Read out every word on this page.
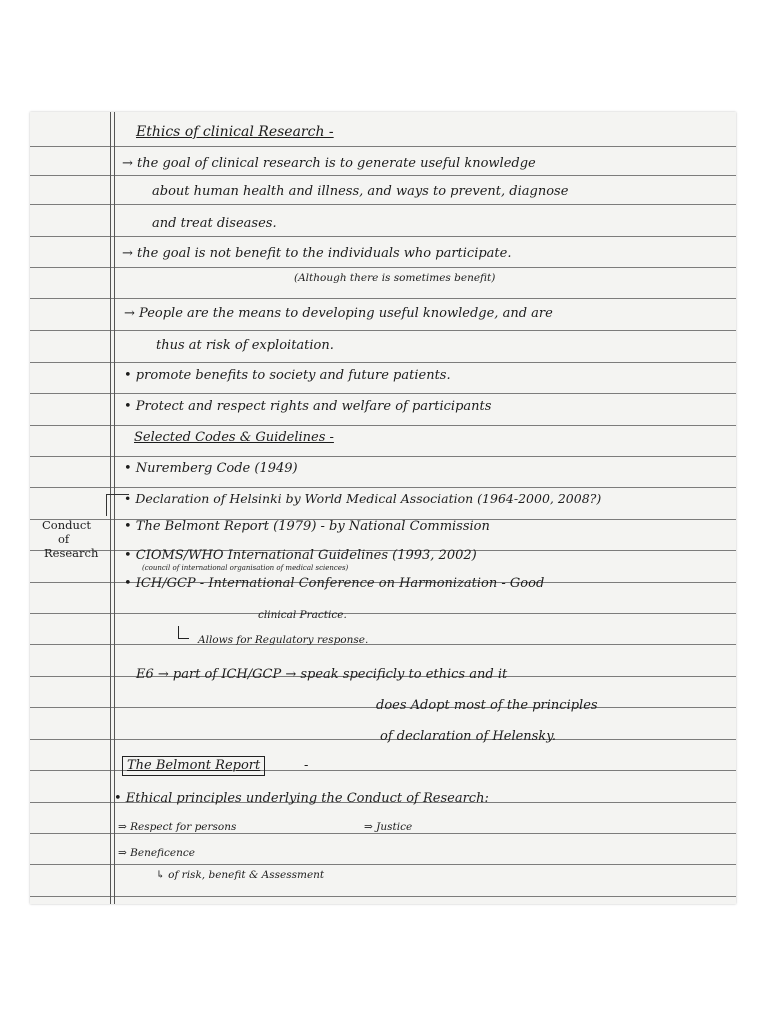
Ethics of clinical Research -
→ the goal of clinical research is to generate useful knowledge
about human health and illness, and ways to prevent, diagnose
and treat diseases.
→ the goal is not benefit to the individuals who participate.
(Although there is sometimes benefit)
→ People are the means to developing useful knowledge, and are
thus at risk of exploitation.
• promote benefits to society and future patients.
• Protect and respect rights and welfare of participants
Selected Codes & Guidelines -
• Nuremberg Code (1949)
• Declaration of Helsinki by World Medical Association (1964-2000, 2008?)
• The Belmont Report (1979) - by National Commission
• CIOMS/WHO International Guidelines (1993, 2002)
(council of international organisation of medical sciences)
• ICH/GCP - International Conference on Harmonization - Good
clinical Practice.
Allows for Regulatory response.
Conduct
of
Research
E6 → part of ICH/GCP → speak specificly to ethics and it
does Adopt most of the principles
of declaration of Helensky.
The Belmont Report	-
• Ethical principles underlying the Conduct of Research:
⇒ Respect for persons	⇒ Justice
⇒ Beneficence
↳ of risk, benefit & Assessment
